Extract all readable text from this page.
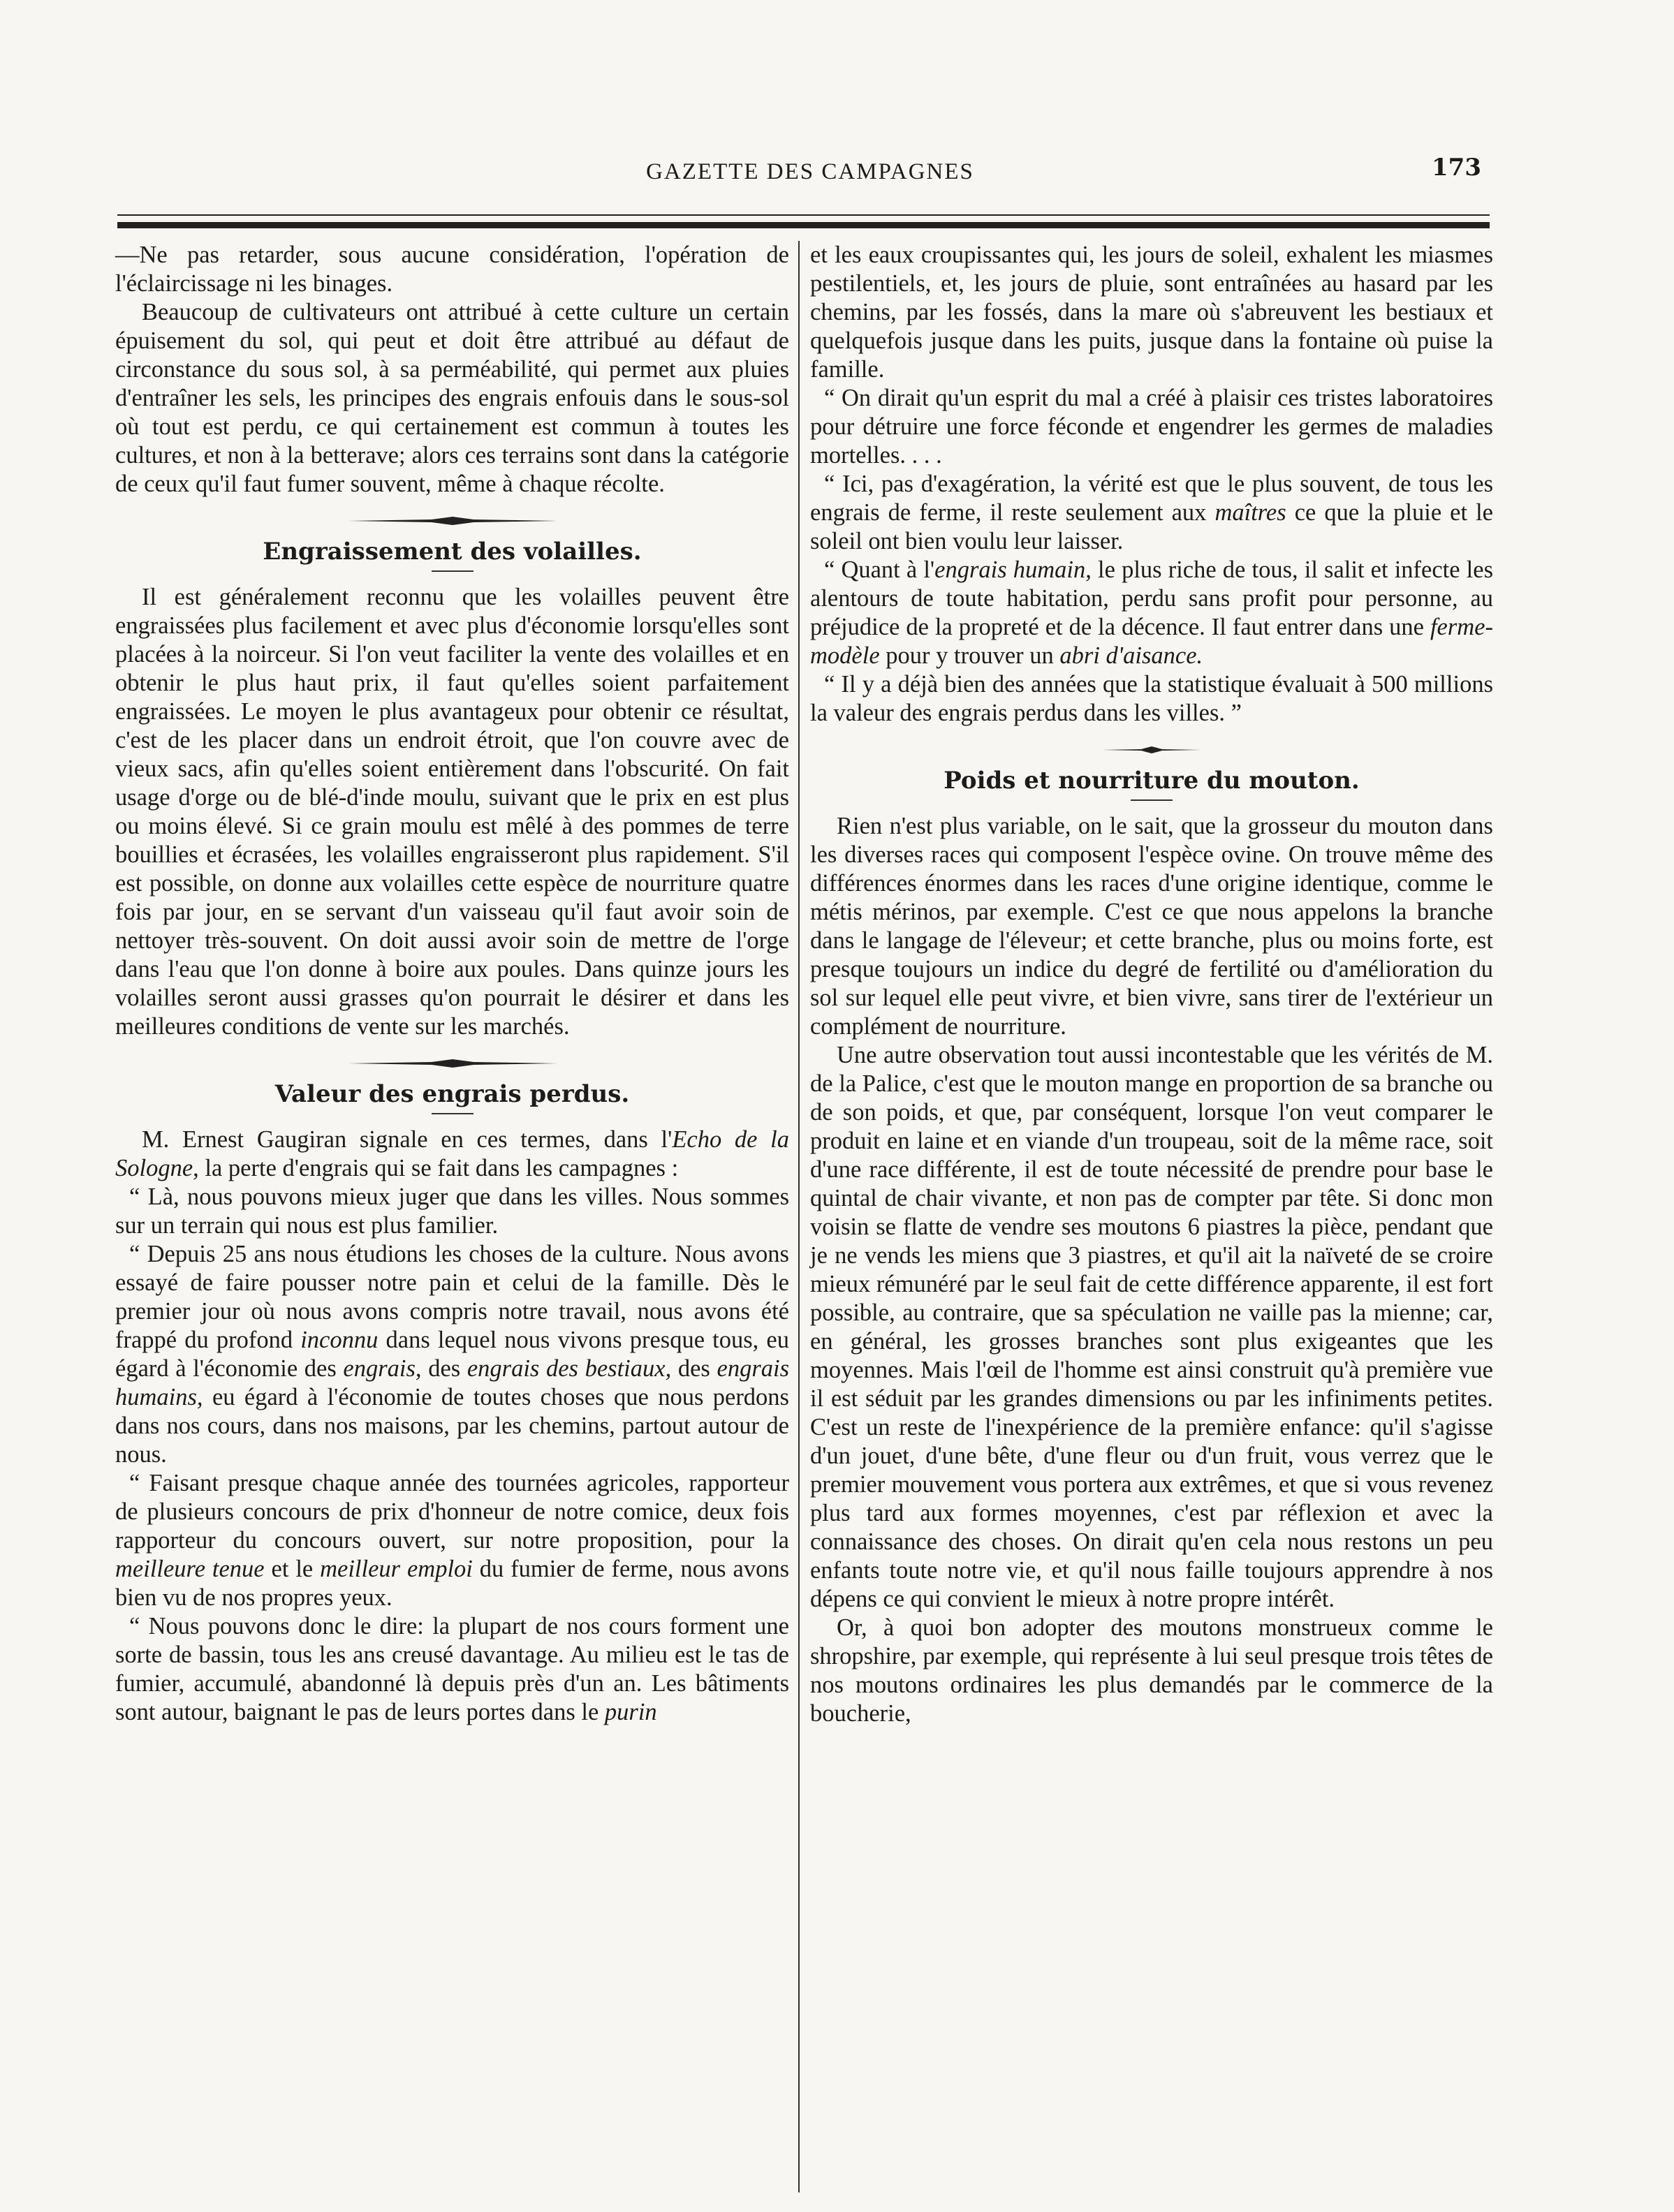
GAZETTE DES CAMPAGNES	173

—Ne pas retarder, sous aucune considération, l'opération de l'éclaircissage ni les binages.

Beaucoup de cultivateurs ont attribué à cette culture un certain épuisement du sol, qui peut et doit être attribué au défaut de circonstance du sous sol, à sa perméabilité, qui permet aux pluies d'entraîner les sels, les principes des engrais enfouis dans le sous-sol où tout est perdu, ce qui certainement est commun à toutes les cultures, et non à la betterave; alors ces terrains sont dans la catégorie de ceux qu'il faut fumer souvent, même à chaque récolte.

Engraissement des volailles.

Il est généralement reconnu que les volailles peuvent être engraissées plus facilement et avec plus d'économie lorsqu'elles sont placées à la noirceur. Si l'on veut faciliter la vente des volailles et en obtenir le plus haut prix, il faut qu'elles soient parfaitement engraissées. Le moyen le plus avantageux pour obtenir ce résultat, c'est de les placer dans un endroit étroit, que l'on couvre avec de vieux sacs, afin qu'elles soient entièrement dans l'obscurité. On fait usage d'orge ou de blé-d'inde moulu, suivant que le prix en est plus ou moins élevé. Si ce grain moulu est mêlé à des pommes de terre bouillies et écrasées, les volailles engraisseront plus rapidement. S'il est possible, on donne aux volailles cette espèce de nourriture quatre fois par jour, en se servant d'un vaisseau qu'il faut avoir soin de nettoyer très-souvent. On doit aussi avoir soin de mettre de l'orge dans l'eau que l'on donne à boire aux poules. Dans quinze jours les volailles seront aussi grasses qu'on pourrait le désirer et dans les meilleures conditions de vente sur les marchés.

Valeur des engrais perdus.

M. Ernest Gaugiran signale en ces termes, dans l'Echo de la Sologne, la perte d'engrais qui se fait dans les campagnes :

“ Là, nous pouvons mieux juger que dans les villes. Nous sommes sur un terrain qui nous est plus familier.

“ Depuis 25 ans nous étudions les choses de la culture. Nous avons essayé de faire pousser notre pain et celui de la famille. Dès le premier jour où nous avons compris notre travail, nous avons été frappé du profond inconnu dans lequel nous vivons presque tous, eu égard à l'économie des engrais, des engrais des bestiaux, des engrais humains, eu égard à l'économie de toutes choses que nous perdons dans nos cours, dans nos maisons, par les chemins, partout autour de nous.

“ Faisant presque chaque année des tournées agricoles, rapporteur de plusieurs concours de prix d'honneur de notre comice, deux fois rapporteur du concours ouvert, sur notre proposition, pour la meilleure tenue et le meilleur emploi du fumier de ferme, nous avons bien vu de nos propres yeux.

“ Nous pouvons donc le dire: la plupart de nos cours forment une sorte de bassin, tous les ans creusé davantage. Au milieu est le tas de fumier, accumulé, abandonné là depuis près d'un an. Les bâtiments sont autour, baignant le pas de leurs portes dans le purin

et les eaux croupissantes qui, les jours de soleil, exhalent les miasmes pestilentiels, et, les jours de pluie, sont entraînées au hasard par les chemins, par les fossés, dans la mare où s'abreuvent les bestiaux et quelquefois jusque dans les puits, jusque dans la fontaine où puise la famille.

“ On dirait qu'un esprit du mal a créé à plaisir ces tristes laboratoires pour détruire une force féconde et engendrer les germes de maladies mortelles. . . .

“ Ici, pas d'exagération, la vérité est que le plus souvent, de tous les engrais de ferme, il reste seulement aux maîtres ce que la pluie et le soleil ont bien voulu leur laisser.

“ Quant à l'engrais humain, le plus riche de tous, il salit et infecte les alentours de toute habitation, perdu sans profit pour personne, au préjudice de la propreté et de la décence. Il faut entrer dans une ferme-modèle pour y trouver un abri d'aisance.

“ Il y a déjà bien des années que la statistique évaluait à 500 millions la valeur des engrais perdus dans les villes. ”

Poids et nourriture du mouton.

Rien n'est plus variable, on le sait, que la grosseur du mouton dans les diverses races qui composent l'espèce ovine. On trouve même des différences énormes dans les races d'une origine identique, comme le métis mérinos, par exemple. C'est ce que nous appelons la branche dans le langage de l'éleveur; et cette branche, plus ou moins forte, est presque toujours un indice du degré de fertilité ou d'amélioration du sol sur lequel elle peut vivre, et bien vivre, sans tirer de l'extérieur un complément de nourriture.

Une autre observation tout aussi incontestable que les vérités de M. de la Palice, c'est que le mouton mange en proportion de sa branche ou de son poids, et que, par conséquent, lorsque l'on veut comparer le produit en laine et en viande d'un troupeau, soit de la même race, soit d'une race différente, il est de toute nécessité de prendre pour base le quintal de chair vivante, et non pas de compter par tête. Si donc mon voisin se flatte de vendre ses moutons 6 piastres la pièce, pendant que je ne vends les miens que 3 piastres, et qu'il ait la naïveté de se croire mieux rémunéré par le seul fait de cette différence apparente, il est fort possible, au contraire, que sa spéculation ne vaille pas la mienne; car, en général, les grosses branches sont plus exigeantes que les moyennes. Mais l'œil de l'homme est ainsi construit qu'à première vue il est séduit par les grandes dimensions ou par les infiniments petites. C'est un reste de l'inexpérience de la première enfance: qu'il s'agisse d'un jouet, d'une bête, d'une fleur ou d'un fruit, vous verrez que le premier mouvement vous portera aux extrêmes, et que si vous revenez plus tard aux formes moyennes, c'est par réflexion et avec la connaissance des choses. On dirait qu'en cela nous restons un peu enfants toute notre vie, et qu'il nous faille toujours apprendre à nos dépens ce qui convient le mieux à notre propre intérêt.

Or, à quoi bon adopter des moutons monstrueux comme le shropshire, par exemple, qui représente à lui seul presque trois têtes de nos moutons ordinaires les plus demandés par le commerce de la boucherie,
